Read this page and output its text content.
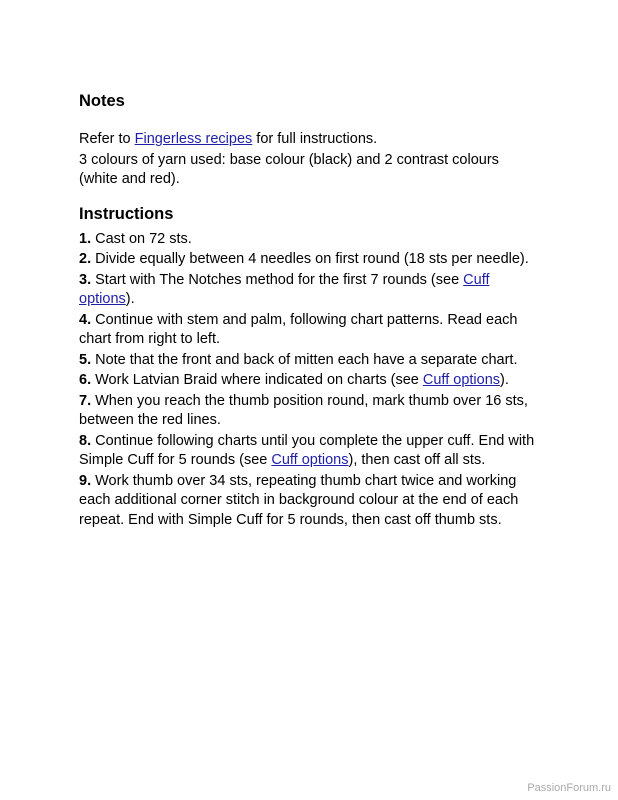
Notes

Refer to Fingerless recipes for full instructions.

3 colours of yarn used: base colour (black) and 2 contrast colours (white and red).

Instructions

1. Cast on 72 sts.

2. Divide equally between 4 needles on first round (18 sts per needle).

3. Start with The Notches method for the first 7 rounds (see Cuff options).

4. Continue with stem and palm, following chart patterns. Read each chart from right to left.

5. Note that the front and back of mitten each have a separate chart.

6. Work Latvian Braid where indicated on charts (see Cuff options).

7. When you reach the thumb position round, mark thumb over 16 sts, between the red lines.

8. Continue following charts until you complete the upper cuff. End with Simple Cuff for 5 rounds (see Cuff options), then cast off all sts.

9. Work thumb over 34 sts, repeating thumb chart twice and working each additional corner stitch in background colour at the end of each repeat. End with Simple Cuff for 5 rounds, then cast off thumb sts.

PassionForum.ru
